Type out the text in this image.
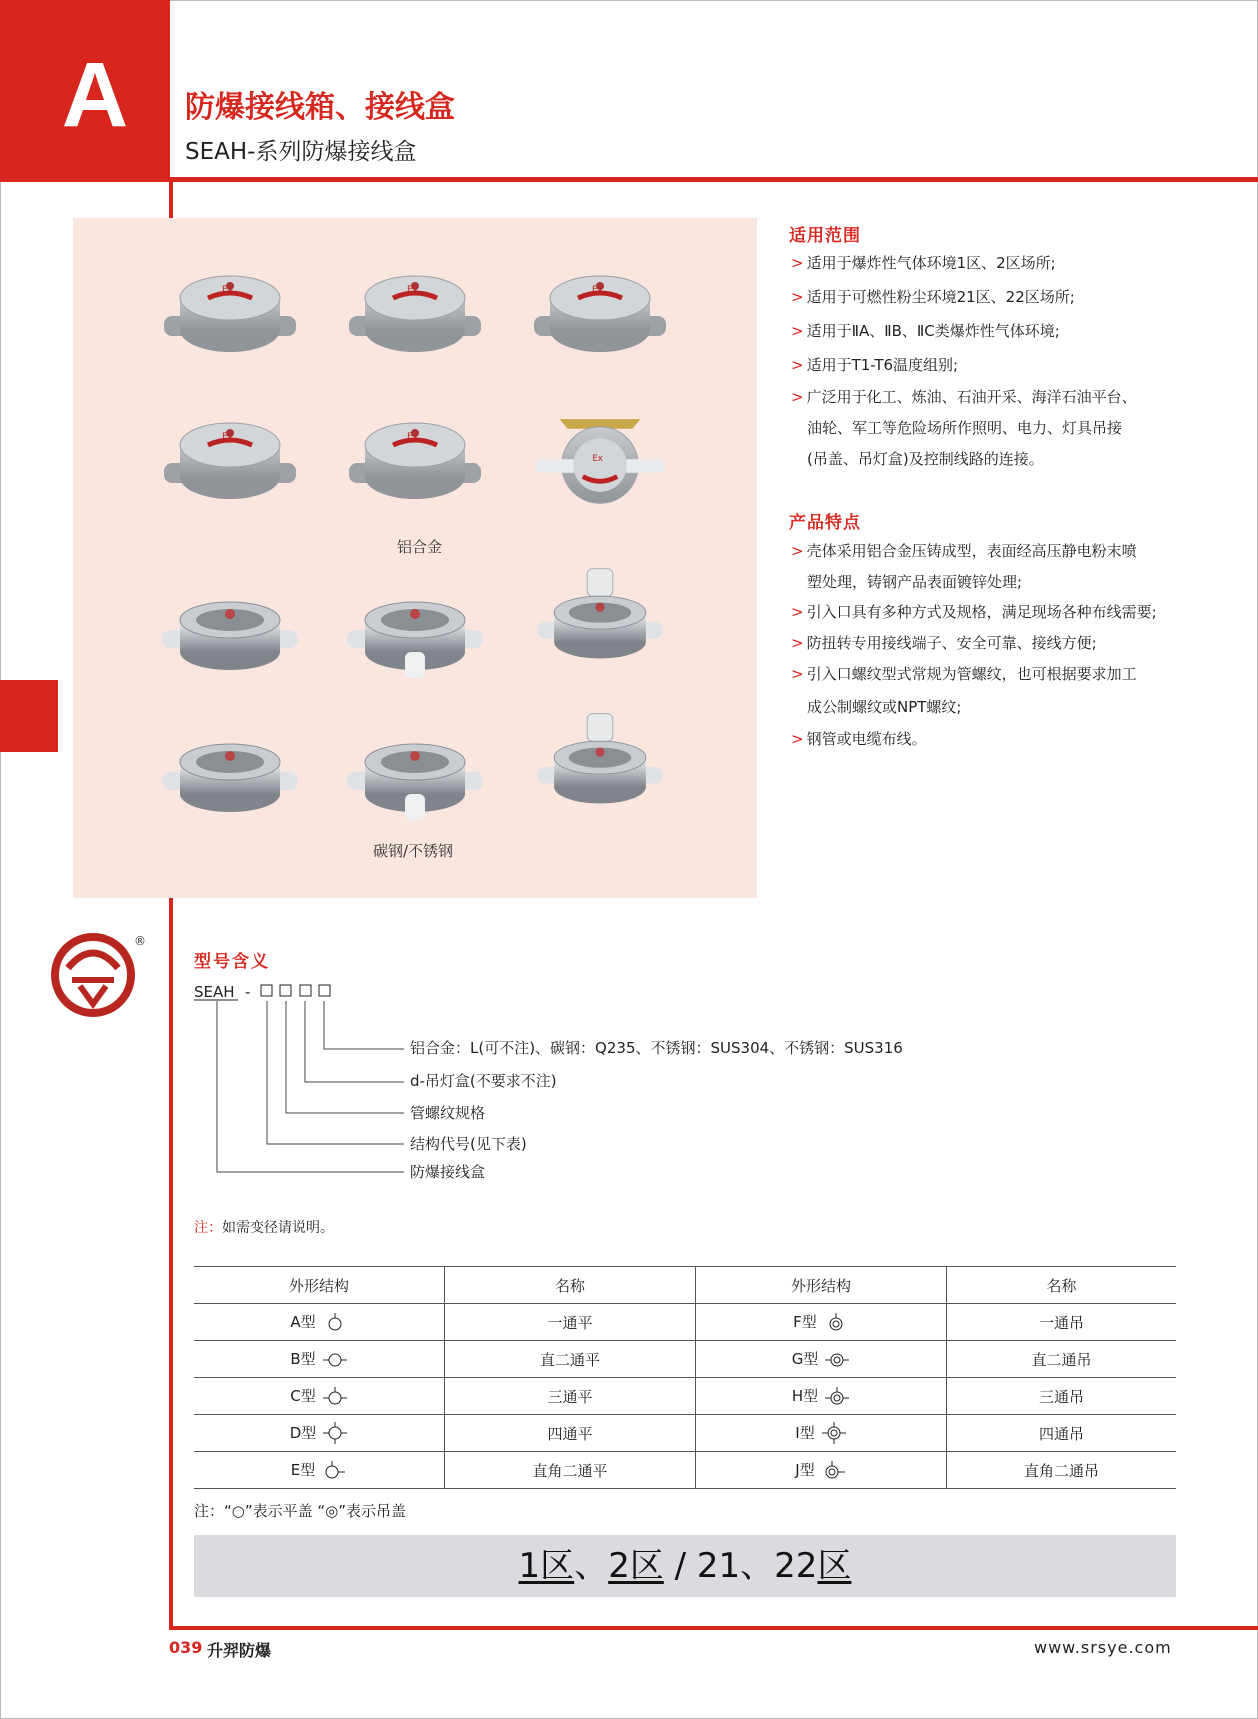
A	防爆接线箱、接线盒
SEAH-系列防爆接线盒
Ex	Ex	Ex
Ex	Ex
Ex
铝合金
碳钢/不锈钢
适用范围
> 适用于爆炸性气体环境1区、2区场所;
> 适用于可燃性粉尘环境21区、22区场所;
> 适用于ⅡA、ⅡB、ⅡC类爆炸性气体环境;
> 适用于T1-T6温度组别;
> 广泛用于化工、炼油、石油开采、海洋石油平台、
油轮、军工等危险场所作照明、电力、灯具吊接
(吊盖、吊灯盒)及控制线路的连接。
产品特点
> 壳体采用铝合金压铸成型，表面经高压静电粉末喷
塑处理，铸钢产品表面镀锌处理;
> 引入口具有多种方式及规格，满足现场各种布线需要;
> 防扭转专用接线端子、安全可靠、接线方便;
> 引入口螺纹型式常规为管螺纹，也可根据要求加工
成公制螺纹或NPT螺纹;
> 钢管或电缆布线。
®
型号含义
SEAH -
铝合金：L(可不注)、碳钢：Q235、不锈钢：SUS304、不锈钢：SUS316
d-吊灯盒(不要求不注)
管螺纹规格
结构代号(见下表)
防爆接线盒
注：如需变径请说明。
外形结构	名称	外形结构	名称
A型	一通平	F型	一通吊
B型	直二通平	G型	直二通吊
C型	三通平	H型	三通吊
D型	四通平	I型	四通吊
E型	直角二通平	J型	直角二通吊
注：“○”表示平盖 “◎”表示吊盖
1区、2区 / 21、22区
039 升羿防爆	www.srsye.com
